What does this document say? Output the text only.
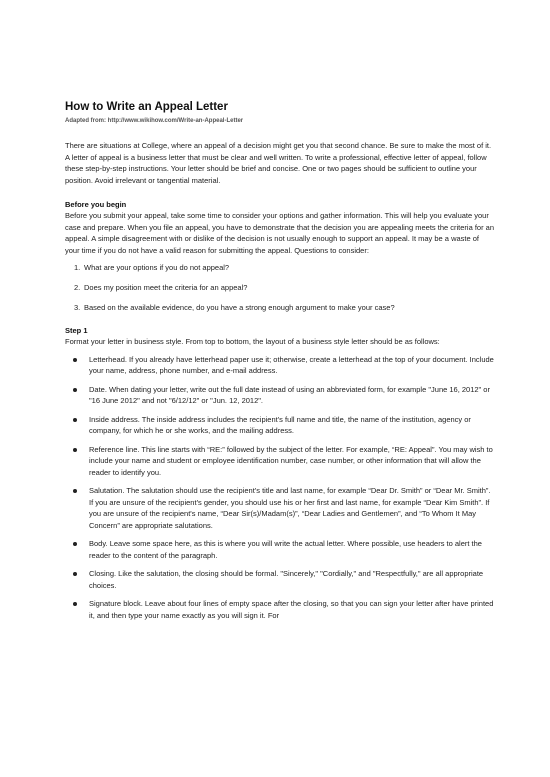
How to Write an Appeal Letter
Adapted from: http://www.wikihow.com/Write-an-Appeal-Letter

There are situations at College, where an appeal of a decision might get you that second chance. Be sure to make the most of it. A letter of appeal is a business letter that must be clear and well written. To write a professional, effective letter of appeal, follow these step-by-step instructions. Your letter should be brief and concise. One or two pages should be sufficient to outline your position. Avoid irrelevant or tangential material.

Before you begin

Before you submit your appeal, take some time to consider your options and gather information. This will help you evaluate your case and prepare. When you file an appeal, you have to demonstrate that the decision you are appealing meets the criteria for an appeal. A simple disagreement with or dislike of the decision is not usually enough to support an appeal. It may be a waste of your time if you do not have a valid reason for submitting the appeal. Questions to consider:

1. What are your options if you do not appeal?
2. Does my position meet the criteria for an appeal?
3. Based on the available evidence, do you have a strong enough argument to make your case?
Step 1

Format your letter in business style. From top to bottom, the layout of a business style letter should be as follows:

Letterhead. If you already have letterhead paper use it; otherwise, create a letterhead at the top of your document. Include your name, address, phone number, and e-mail address.
Date. When dating your letter, write out the full date instead of using an abbreviated form, for example "June 16, 2012" or "16 June 2012" and not "6/12/12" or "Jun. 12, 2012".
Inside address. The inside address includes the recipient's full name and title, the name of the institution, agency or company, for which he or she works, and the mailing address.
Reference line. This line starts with “RE:” followed by the subject of the letter. For example, “RE: Appeal”. You may wish to include your name and student or employee identification number, case number, or other information that will allow the reader to identify you.
Salutation. The salutation should use the recipient's title and last name, for example “Dear Dr. Smith” or “Dear Mr. Smith”. If you are unsure of the recipient's gender, you should use his or her first and last name, for example “Dear Kim Smith”. If you are unsure of the recipient's name, “Dear Sir(s)/Madam(s)”, “Dear Ladies and Gentlemen”, and “To Whom It May Concern” are appropriate salutations.
Body. Leave some space here, as this is where you will write the actual letter. Where possible, use headers to alert the reader to the content of the paragraph.
Closing. Like the salutation, the closing should be formal. "Sincerely," "Cordially," and "Respectfully," are all appropriate choices.
Signature block. Leave about four lines of empty space after the closing, so that you can sign your letter after have printed it, and then type your name exactly as you will sign it. For
